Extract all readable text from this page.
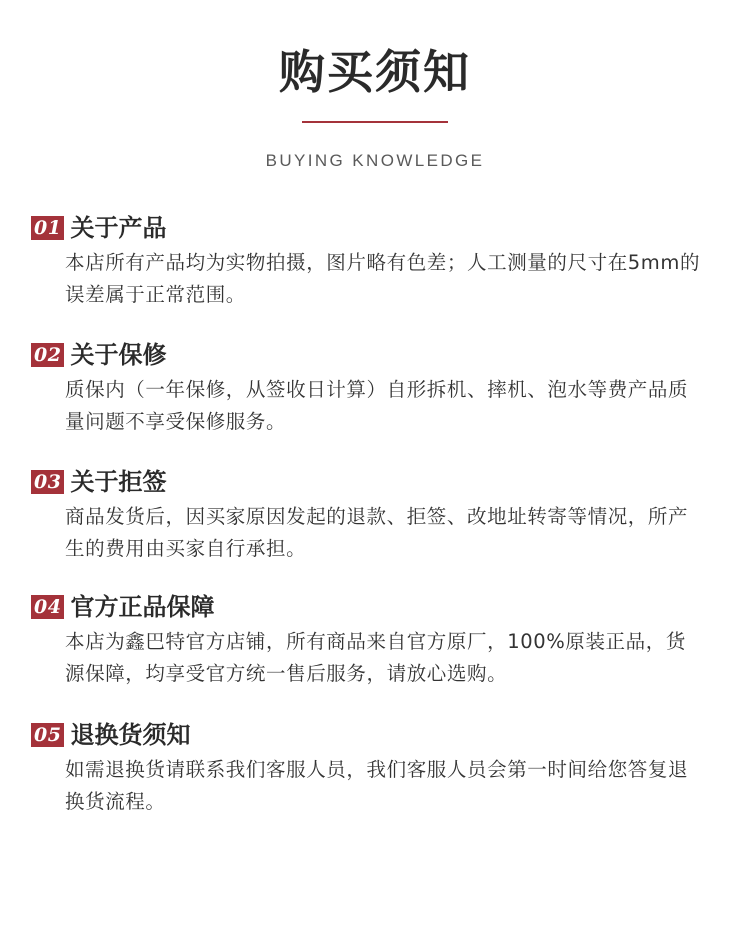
购买须知
BUYING KNOWLEDGE
01 关于产品
本店所有产品均为实物拍摄，图片略有色差；人工测量的尺寸在5mm的误差属于正常范围。
02 关于保修
质保内（一年保修，从签收日计算）自形拆机、摔机、泡水等费产品质量问题不享受保修服务。
03 关于拒签
商品发货后，因买家原因发起的退款、拒签、改地址转寄等情况，所产生的费用由买家自行承担。
04 官方正品保障
本店为鑫巴特官方店铺，所有商品来自官方原厂，100%原装正品，货源保障，均享受官方统一售后服务，请放心选购。
05 退换货须知
如需退换货请联系我们客服人员，我们客服人员会第一时间给您答复退换货流程。
